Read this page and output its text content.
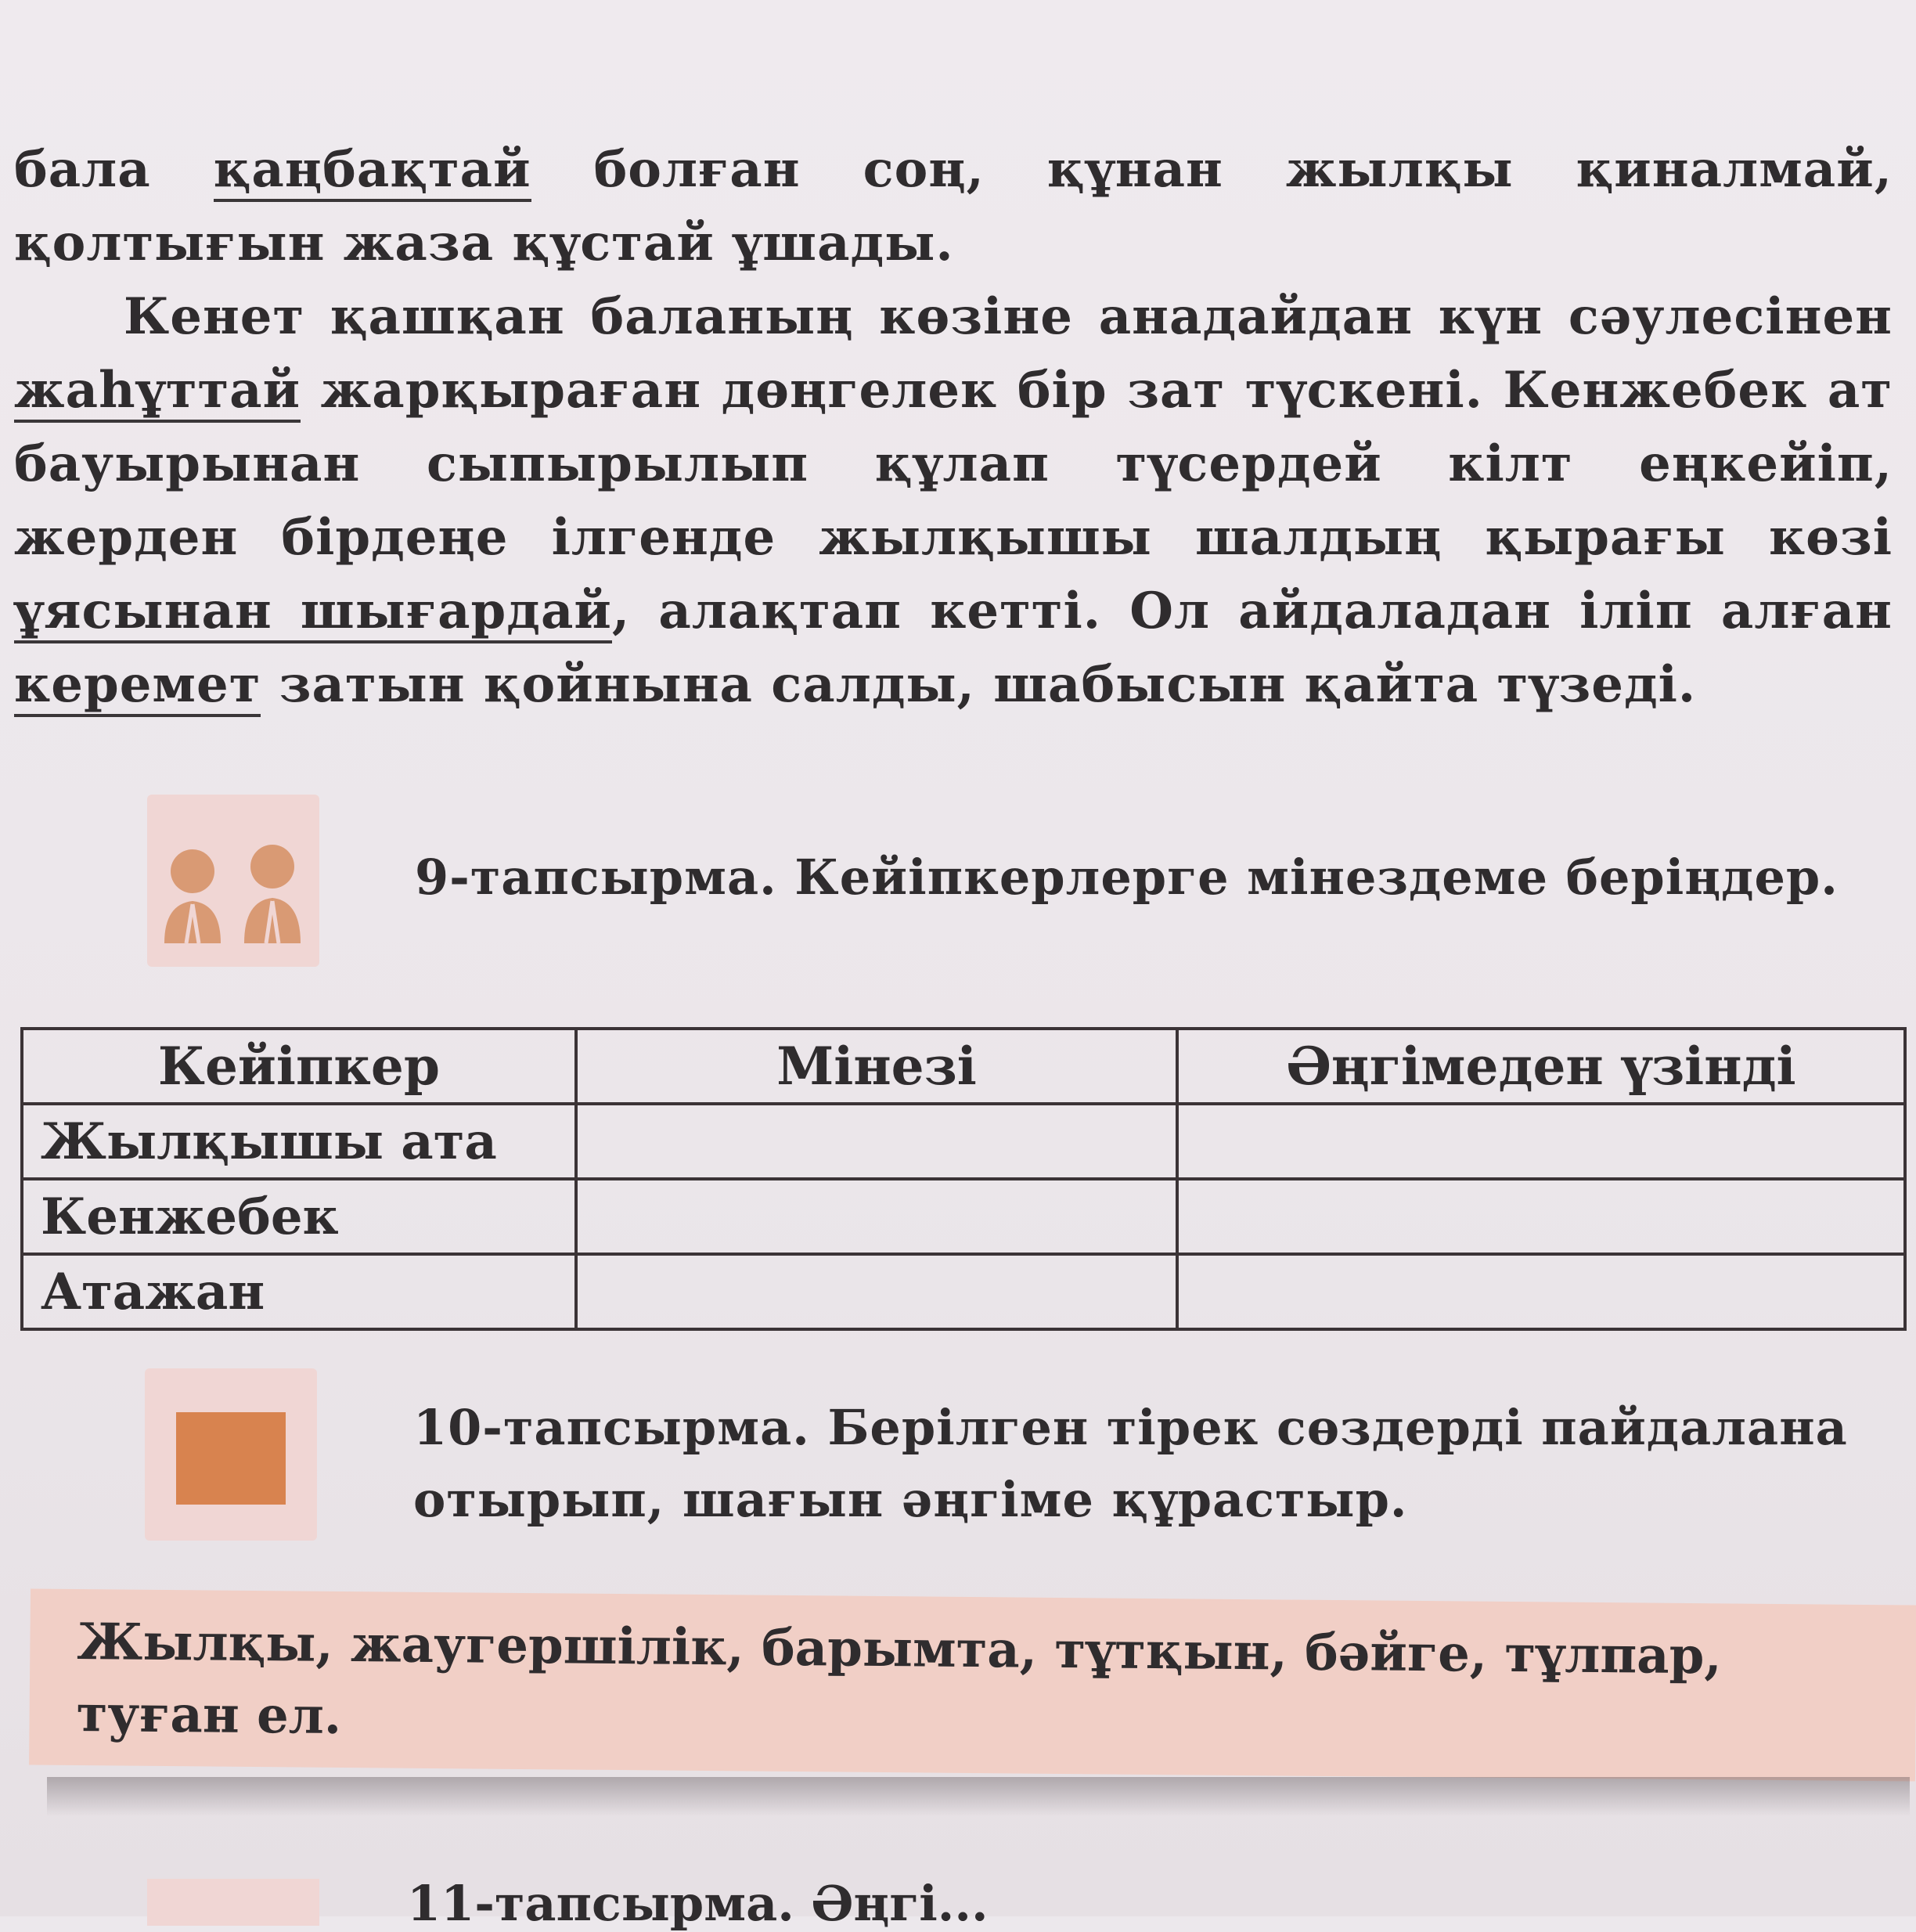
бала қаңбақтай болған соң, құнан жылқы қиналмай, қолтығын жаза құстай ұшады.

Кенет қашқан баланың көзіне анадайдан күн сәулесінен жаһұттай жарқыраған дөңгелек бір зат түскені. Кенжебек ат бауырынан сыпырылып құлап түсердей кілт еңкейіп, жерден бірдеңе ілгенде жылқышы шалдың қырағы көзі ұясынан шығардай, алақтап кетті. Ол айдаладан іліп алған керемет затын қойнына салды, шабысын қайта түзеді.

9-тапсырма. Кейіпкерлерге мінездеме беріңдер.

Кейіпкер	Мінезі	Әңгімеден үзінді
Жылқышы ата		
Кенжебек		
Атажан		

10-тапсырма. Берілген тірек сөздерді пайдалана отырып, шағын әңгіме құрастыр.

Жылқы, жаугершілік, барымта, тұтқын, бәйге, тұлпар, туған ел.

11-тапсырма. Әңгі...
